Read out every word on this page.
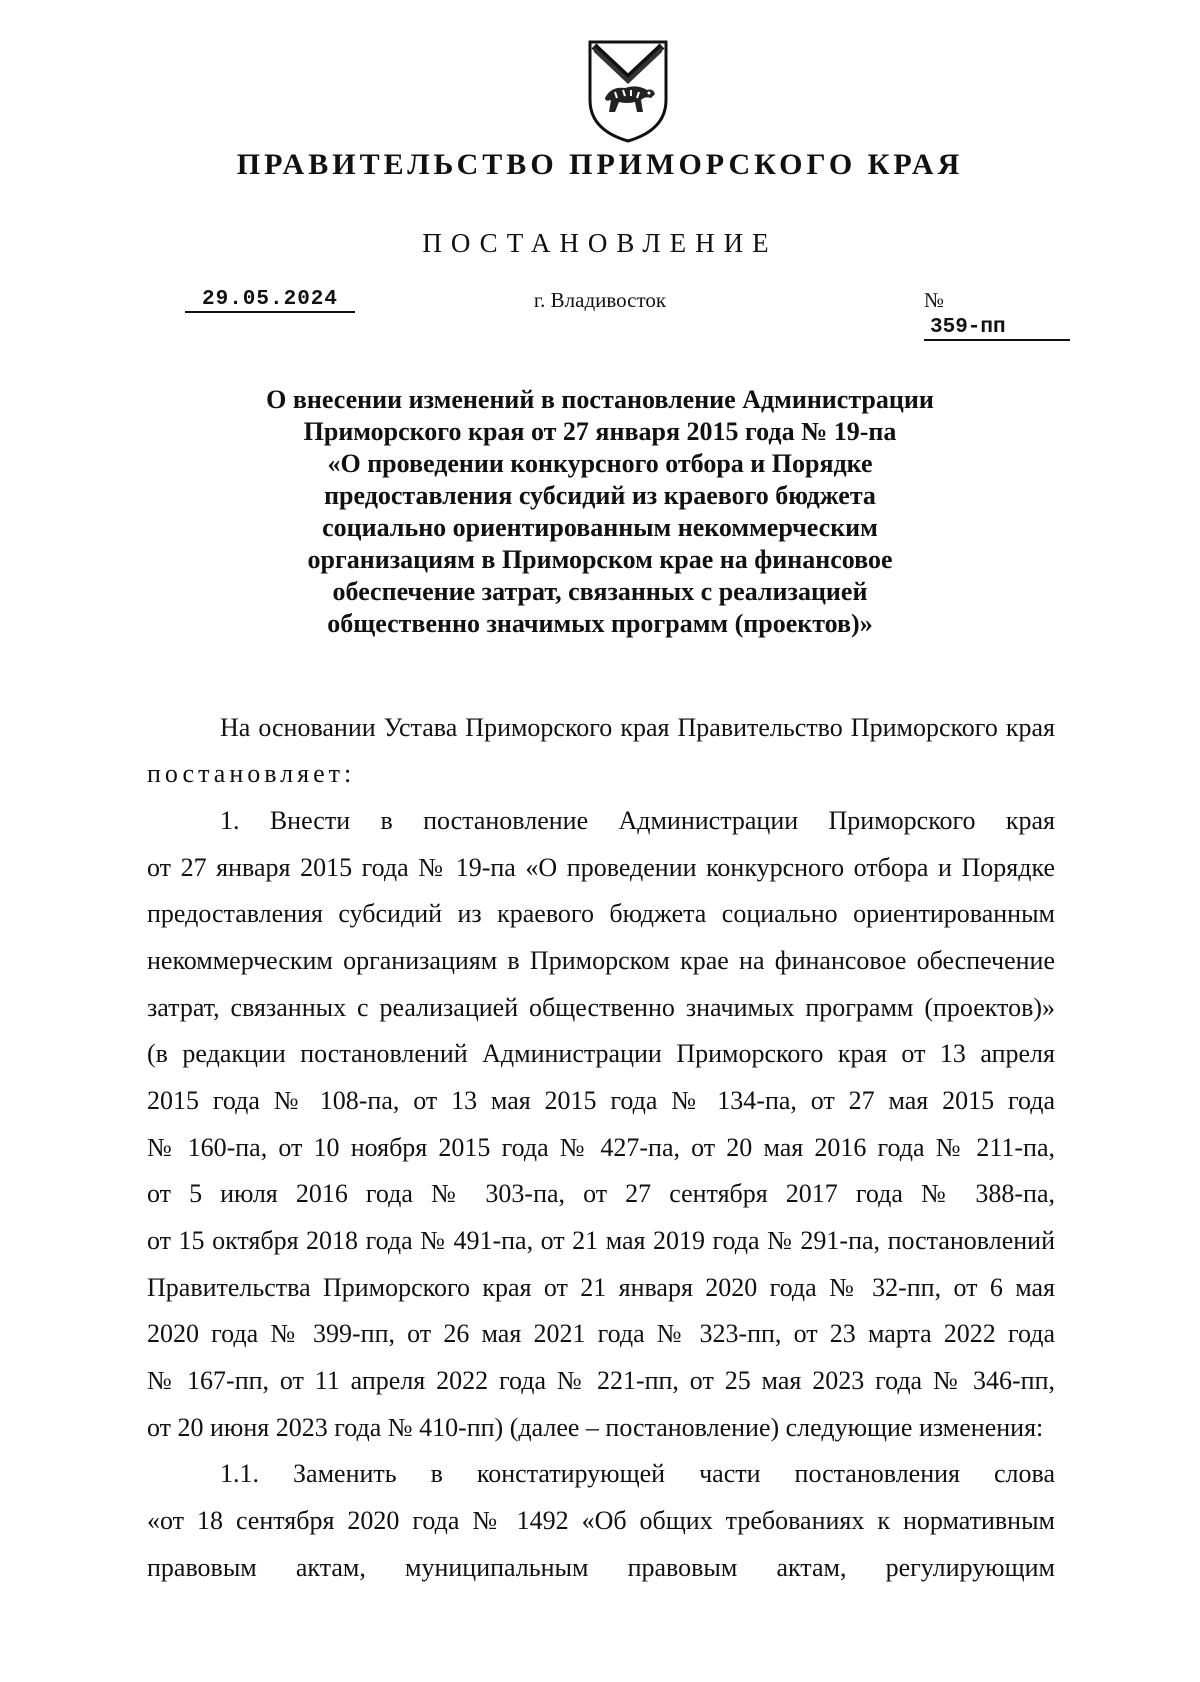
ПРАВИТЕЛЬСТВО ПРИМОРСКОГО КРАЯ
ПОСТАНОВЛЕНИЕ
29.05.2024	г. Владивосток	№ 359-пп
О внесении изменений в постановление Администрации
Приморского края от 27 января 2015 года № 19-па
«О проведении конкурсного отбора и Порядке
предоставления субсидий из краевого бюджета
социально ориентированным некоммерческим
организациям в Приморском крае на финансовое
обеспечение затрат, связанных с реализацией
общественно значимых программ (проектов)»
На основании Устава Приморского края Правительство Приморского края
постановляет:
1. Внести в постановление Администрации Приморского края
от 27 января 2015 года № 19-па «О проведении конкурсного отбора и Порядке
предоставления субсидий из краевого бюджета социально ориентированным
некоммерческим организациям в Приморском крае на финансовое обеспечение
затрат, связанных с реализацией общественно значимых программ (проектов)»
(в редакции постановлений Администрации Приморского края от 13 апреля
2015 года № 108-па, от 13 мая 2015 года № 134-па, от 27 мая 2015 года
№ 160-па, от 10 ноября 2015 года № 427-па, от 20 мая 2016 года № 211-па,
от 5 июля 2016 года № 303-па, от 27 сентября 2017 года № 388-па,
от 15 октября 2018 года № 491-па, от 21 мая 2019 года № 291-па, постановлений
Правительства Приморского края от 21 января 2020 года № 32-пп, от 6 мая
2020 года № 399-пп, от 26 мая 2021 года № 323-пп, от 23 марта 2022 года
№ 167-пп, от 11 апреля 2022 года № 221-пп, от 25 мая 2023 года № 346-пп,
от 20 июня 2023 года № 410-пп) (далее – постановление) следующие изменения:
1.1. Заменить в констатирующей части постановления слова
«от 18 сентября 2020 года № 1492 «Об общих требованиях к нормативным
правовым актам, муниципальным правовым актам, регулирующим
